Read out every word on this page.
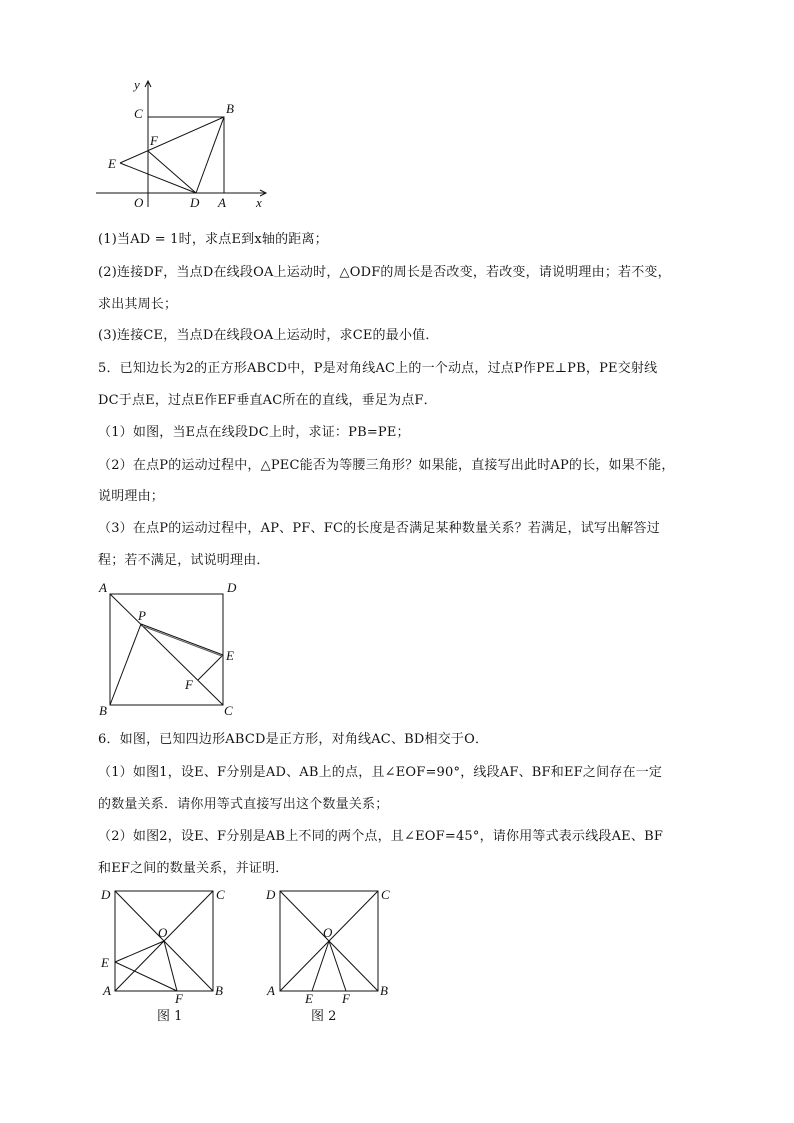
y
x
C	B
F
E
O	D A
(1)当AD = 1时，求点E到x轴的距离；
(2)连接DF，当点D在线段OA上运动时，△ODF的周长是否改变，若改变，请说明理由；若不变，
求出其周长；
(3)连接CE，当点D在线段OA上运动时，求CE的最小值．
5．已知边长为2的正方形ABCD中，P是对角线AC上的一个动点，过点P作PE⊥PB，PE交射线
DC于点E，过点E作EF垂直AC所在的直线，垂足为点F．
（1）如图，当E点在线段DC上时，求证：PB=PE；
（2）在点P的运动过程中，△PEC能否为等腰三角形？如果能，直接写出此时AP的长，如果不能，
说明理由；
（3）在点P的运动过程中，AP、PF、FC的长度是否满足某种数量关系？若满足，试写出解答过
程；若不满足，试说明理由．
A	D
P
E
F
B	C
6．如图，已知四边形ABCD是正方形，对角线AC、BD相交于O．
（1）如图1，设E、F分别是AD、AB上的点，且∠EOF=90°，线段AF、BF和EF之间存在一定
的数量关系．请你用等式直接写出这个数量关系；
（2）如图2，设E、F分别是AB上不同的两个点，且∠EOF=45°，请你用等式表示线段AE、BF
和EF之间的数量关系，并证明．
D	C
O
E
A
F
B
图 1
D	C
O
A
E F
B
图 2
